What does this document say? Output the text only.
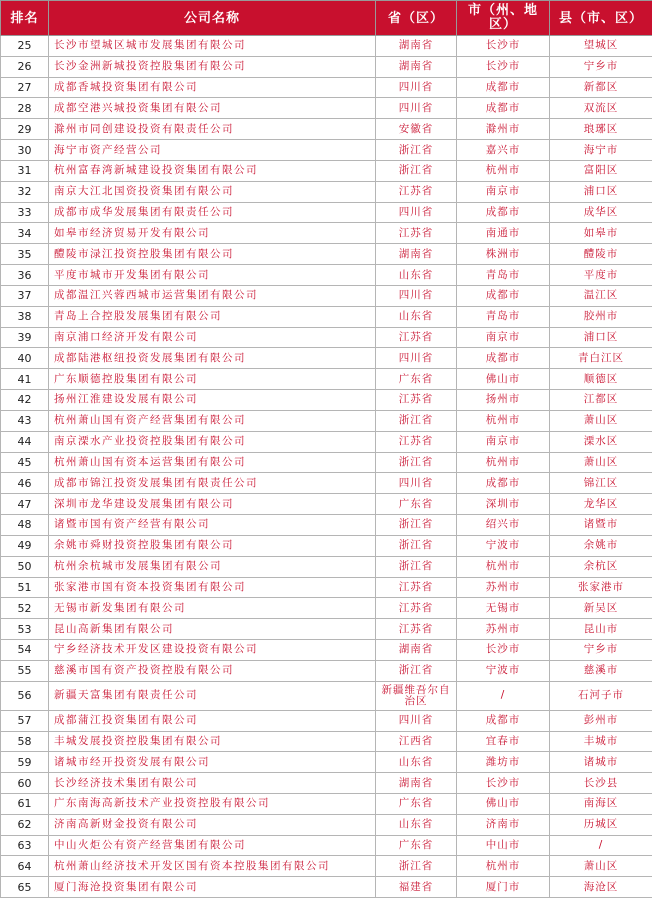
排名	公司名称	省（区）	市（州、地区）	县（市、区）
25	长沙市望城区城市发展集团有限公司	湖南省	长沙市	望城区
26	长沙金洲新城投资控股集团有限公司	湖南省	长沙市	宁乡市
27	成都香城投资集团有限公司	四川省	成都市	新都区
28	成都空港兴城投资集团有限公司	四川省	成都市	双流区
29	滁州市同创建设投资有限责任公司	安徽省	滁州市	琅琊区
30	海宁市资产经营公司	浙江省	嘉兴市	海宁市
31	杭州富春湾新城建设投资集团有限公司	浙江省	杭州市	富阳区
32	南京大江北国资投资集团有限公司	江苏省	南京市	浦口区
33	成都市成华发展集团有限责任公司	四川省	成都市	成华区
34	如皋市经济贸易开发有限公司	江苏省	南通市	如皋市
35	醴陵市渌江投资控股集团有限公司	湖南省	株洲市	醴陵市
36	平度市城市开发集团有限公司	山东省	青岛市	平度市
37	成都温江兴蓉西城市运营集团有限公司	四川省	成都市	温江区
38	青岛上合控股发展集团有限公司	山东省	青岛市	胶州市
39	南京浦口经济开发有限公司	江苏省	南京市	浦口区
40	成都陆港枢纽投资发展集团有限公司	四川省	成都市	青白江区
41	广东顺德控股集团有限公司	广东省	佛山市	顺德区
42	扬州江淮建设发展有限公司	江苏省	扬州市	江都区
43	杭州萧山国有资产经营集团有限公司	浙江省	杭州市	萧山区
44	南京溧水产业投资控股集团有限公司	江苏省	南京市	溧水区
45	杭州萧山国有资本运营集团有限公司	浙江省	杭州市	萧山区
46	成都市锦江投资发展集团有限责任公司	四川省	成都市	锦江区
47	深圳市龙华建设发展集团有限公司	广东省	深圳市	龙华区
48	诸暨市国有资产经营有限公司	浙江省	绍兴市	诸暨市
49	余姚市舜财投资控股集团有限公司	浙江省	宁波市	余姚市
50	杭州余杭城市发展集团有限公司	浙江省	杭州市	余杭区
51	张家港市国有资本投资集团有限公司	江苏省	苏州市	张家港市
52	无锡市新发集团有限公司	江苏省	无锡市	新吴区
53	昆山高新集团有限公司	江苏省	苏州市	昆山市
54	宁乡经济技术开发区建设投资有限公司	湖南省	长沙市	宁乡市
55	慈溪市国有资产投资控股有限公司	浙江省	宁波市	慈溪市
56	新疆天富集团有限责任公司	新疆维吾尔自治区	/	石河子市
57	成都蒲江投资集团有限公司	四川省	成都市	彭州市
58	丰城发展投资控股集团有限公司	江西省	宜春市	丰城市
59	诸城市经开投资发展有限公司	山东省	潍坊市	诸城市
60	长沙经济技术集团有限公司	湖南省	长沙市	长沙县
61	广东南海高新技术产业投资控股有限公司	广东省	佛山市	南海区
62	济南高新财金投资有限公司	山东省	济南市	历城区
63	中山火炬公有资产经营集团有限公司	广东省	中山市	/
64	杭州萧山经济技术开发区国有资本控股集团有限公司	浙江省	杭州市	萧山区
65	厦门海沧投资集团有限公司	福建省	厦门市	海沧区
